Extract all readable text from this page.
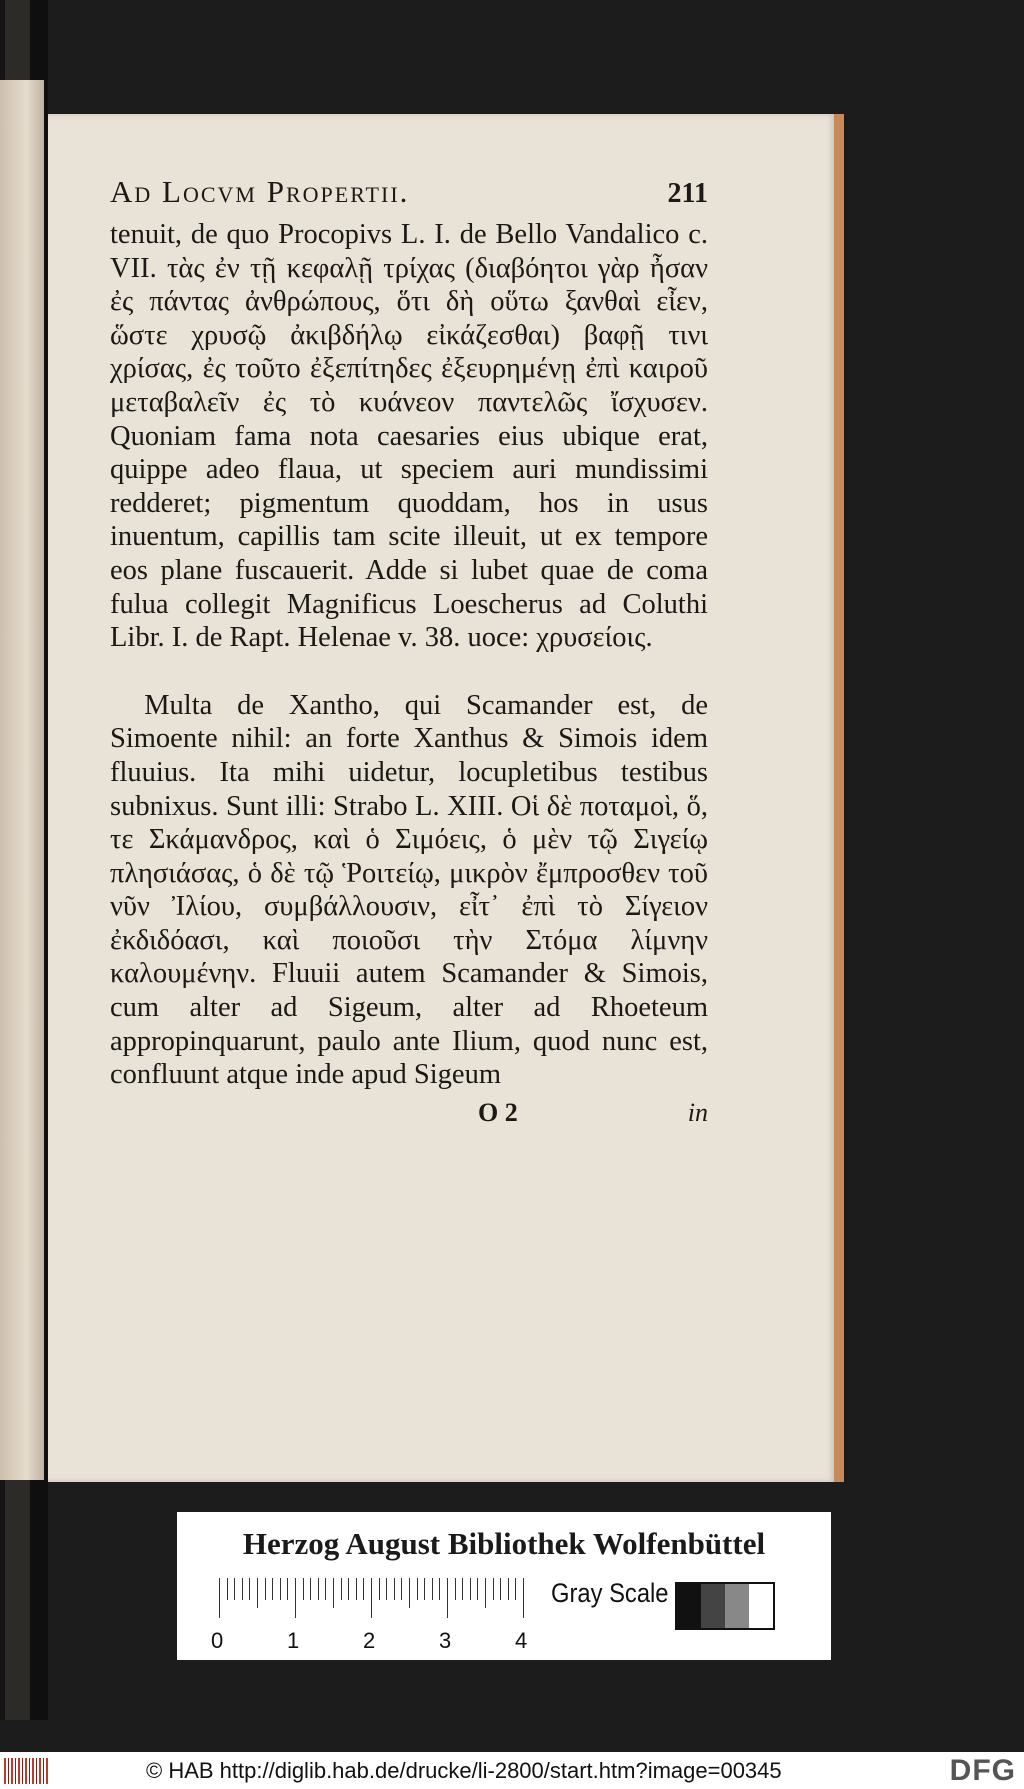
Ad Locvm Propertii.	211

tenuit, de quo Procopivs L. I. de Bello Vandalico c. VII. τὰς ἐν τῇ κεφαλῇ τρίχας (διαβόητοι γὰρ ἦσαν ἐς πάντας ἀνθρώπους, ὅτι δὴ οὕτω ξανθαὶ εἶεν, ὥστε χρυσῷ ἀκιβδήλῳ εἰκάζεσθαι) βαφῇ τινι χρίσας, ἐς τοῦτο ἐξεπίτηδες ἐξευρημένῃ ἐπὶ καιροῦ μεταβαλεῖν ἐς τὸ κυάνεον παντελῶς ἴσχυσεν. Quoniam fama nota caesaries eius ubique erat, quippe adeo flaua, ut speciem auri mundissimi redderet; pigmentum quoddam, hos in usus inuentum, capillis tam scite illeuit, ut ex tempore eos plane fuscauerit. Adde si lubet quae de coma fulua collegit Magnificus Loescherus ad Coluthi Libr. I. de Rapt. Helenae v. 38. uoce: χρυσείοις.

Multa de Xantho, qui Scamander est, de Simoente nihil: an forte Xanthus & Simois idem fluuius. Ita mihi uidetur, locupletibus testibus subnixus. Sunt illi: Strabo L. XIII. Οἱ δὲ ποταμοὶ, ὅ, τε Σκάμανδρος, καὶ ὁ Σιμόεις, ὁ μὲν τῷ Σιγείῳ πλησιάσας, ὁ δὲ τῷ Ῥοιτείῳ, μικρὸν ἔμπροσθεν τοῦ νῦν Ἰλίου, συμβάλλουσιν, εἶτ᾽ ἐπὶ τὸ Σίγειον ἐκδιδόασι, καὶ ποιοῦσι τὴν Στόμα λίμνην καλουμένην. Fluuii autem Scamander & Simois, cum alter ad Sigeum, alter ad Rhoeteum appropinquarunt, paulo ante Ilium, quod nunc est, confluunt atque inde apud Sigeum

O 2	in
Herzog August Bibliothek Wolfenbüttel
0	1	2	3	4
Gray Scale
© HAB http://diglib.hab.de/drucke/li-2800/start.htm?image=00345	DFG
